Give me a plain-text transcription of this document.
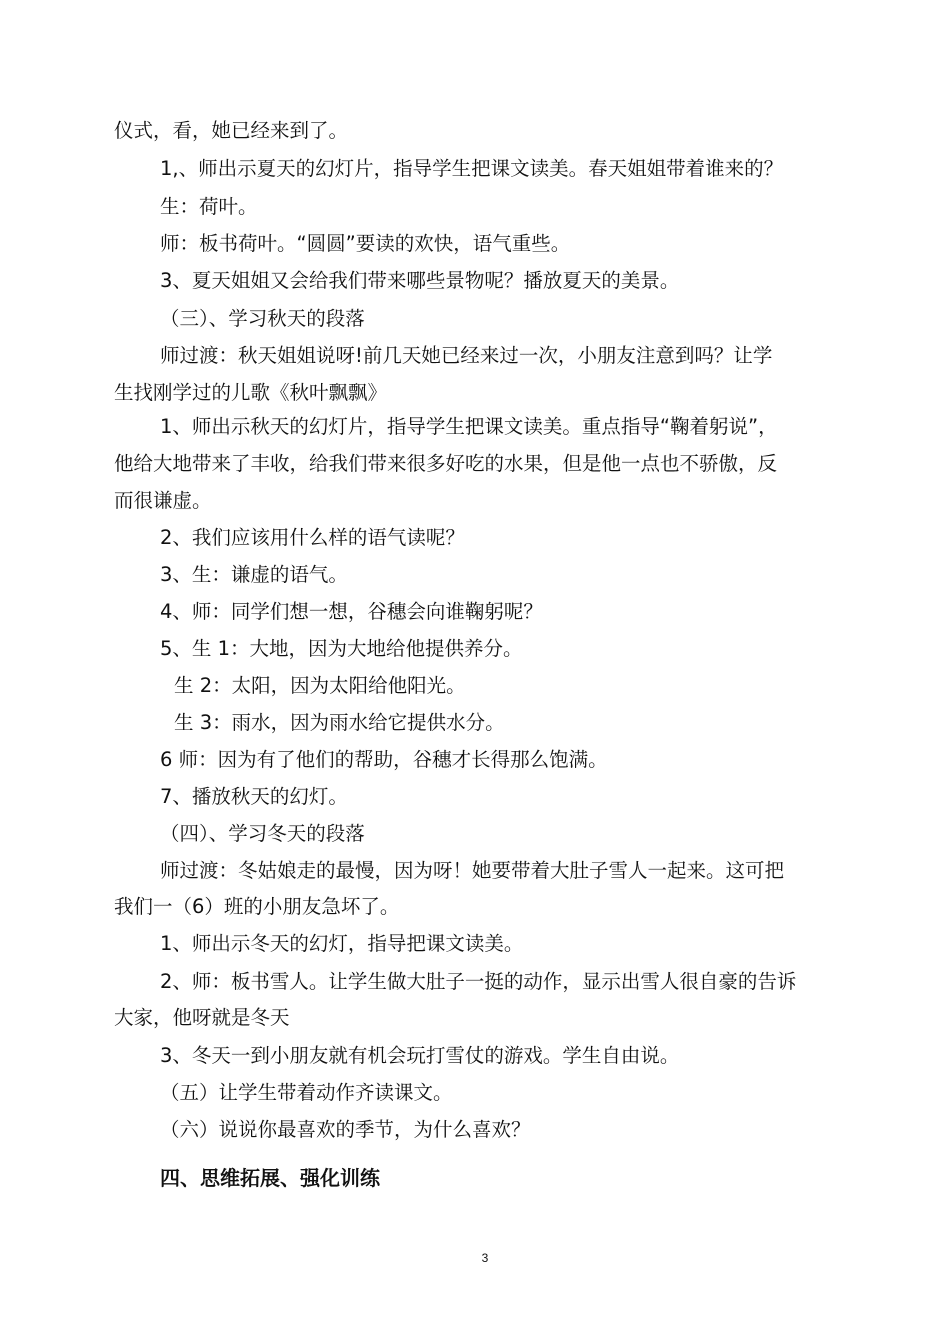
仪式，看，她已经来到了。
1,、师出示夏天的幻灯片，指导学生把课文读美。春天姐姐带着谁来的？
生：荷叶。
师：板书荷叶。“圆圆”要读的欢快，语气重些。
3、夏天姐姐又会给我们带来哪些景物呢？播放夏天的美景。
（三）、学习秋天的段落
师过渡：秋天姐姐说呀!前几天她已经来过一次，小朋友注意到吗？让学
生找刚学过的儿歌《秋叶飘飘》
1、师出示秋天的幻灯片，指导学生把课文读美。重点指导“鞠着躬说”，
他给大地带来了丰收，给我们带来很多好吃的水果，但是他一点也不骄傲，反
而很谦虚。
2、我们应该用什么样的语气读呢？
3、生：谦虚的语气。
4、师：同学们想一想，谷穗会向谁鞠躬呢？
5、生 1：大地，因为大地给他提供养分。
生 2：太阳，因为太阳给他阳光。
生 3：雨水，因为雨水给它提供水分。
6 师：因为有了他们的帮助，谷穗才长得那么饱满。
7、播放秋天的幻灯。
（四）、学习冬天的段落
师过渡：冬姑娘走的最慢，因为呀！她要带着大肚子雪人一起来。这可把
我们一（6）班的小朋友急坏了。
1、师出示冬天的幻灯，指导把课文读美。
2、师：板书雪人。让学生做大肚子一挺的动作，显示出雪人很自豪的告诉
大家，他呀就是冬天
3、冬天一到小朋友就有机会玩打雪仗的游戏。学生自由说。
（五）让学生带着动作齐读课文。
（六）说说你最喜欢的季节，为什么喜欢？
四、思维拓展、强化训练
3
